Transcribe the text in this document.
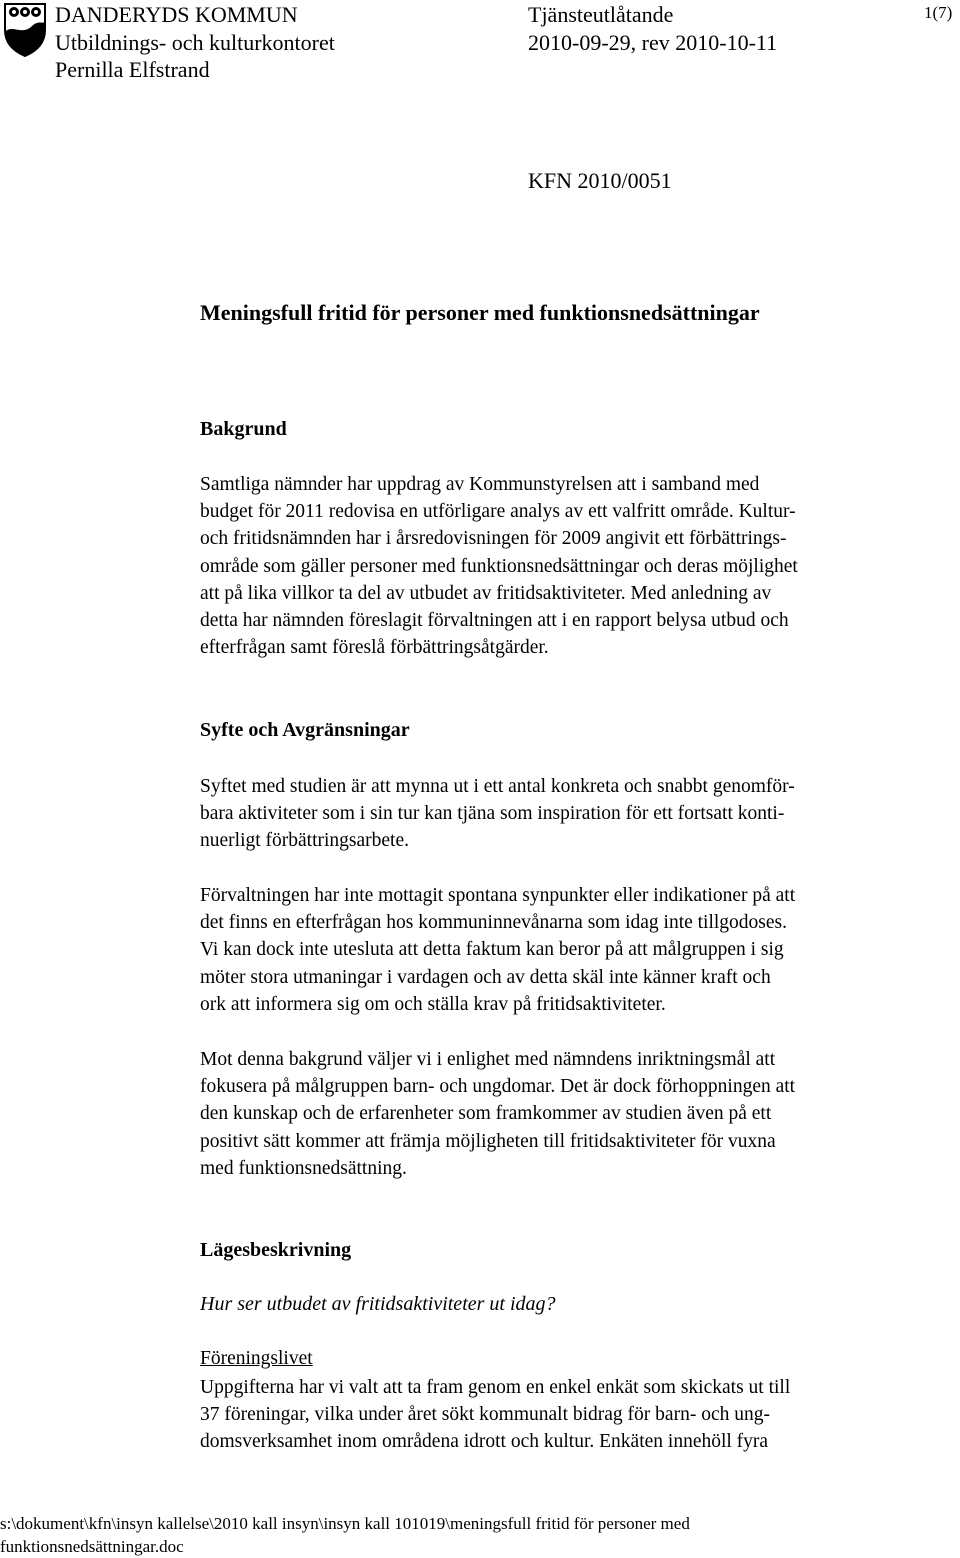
DANDERYDS KOMMUN
Utbildnings- och kulturkontoret
Pernilla Elfstrand
Tjänsteutlåtande
2010-09-29, rev 2010-10-11
1(7)
KFN 2010/0051
Meningsfull fritid för personer med funktionsnedsättningar
Bakgrund
Samtliga nämnder har uppdrag av Kommunstyrelsen att i samband med
budget för 2011 redovisa en utförligare analys av ett valfritt område. Kultur-
och fritidsnämnden har i årsredovisningen för 2009 angivit ett förbättrings-
område som gäller personer med funktionsnedsättningar och deras möjlighet
att på lika villkor ta del av utbudet av fritidsaktiviteter. Med anledning av
detta har nämnden föreslagit förvaltningen att i en rapport belysa utbud och
efterfrågan samt föreslå förbättringsåtgärder.
Syfte och Avgränsningar
Syftet med studien är att mynna ut i ett antal konkreta och snabbt genomför-
bara aktiviteter som i sin tur kan tjäna som inspiration för ett fortsatt konti-
nuerligt förbättringsarbete.
Förvaltningen har inte mottagit spontana synpunkter eller indikationer på att
det finns en efterfrågan hos kommuninnevånarna som idag inte tillgodoses.
Vi kan dock inte utesluta att detta faktum kan beror på att målgruppen i sig
möter stora utmaningar i vardagen och av detta skäl inte känner kraft och
ork att informera sig om och ställa krav på fritidsaktiviteter.
Mot denna bakgrund väljer vi i enlighet med nämndens inriktningsmål att
fokusera på målgruppen barn- och ungdomar. Det är dock förhoppningen att
den kunskap och de erfarenheter som framkommer av studien även på ett
positivt sätt kommer att främja möjligheten till fritidsaktiviteter för vuxna
med funktionsnedsättning.
Lägesbeskrivning
Hur ser utbudet av fritidsaktiviteter ut idag?
Föreningslivet
Uppgifterna har vi valt att ta fram genom en enkel enkät som skickats ut till
37 föreningar, vilka under året sökt kommunalt bidrag för barn- och ung-
domsverksamhet inom områdena idrott och kultur. Enkäten innehöll fyra
s:\dokument\kfn\insyn kallelse\2010 kall insyn\insyn kall 101019\meningsfull fritid för personer med
funktionsnedsättningar.doc
